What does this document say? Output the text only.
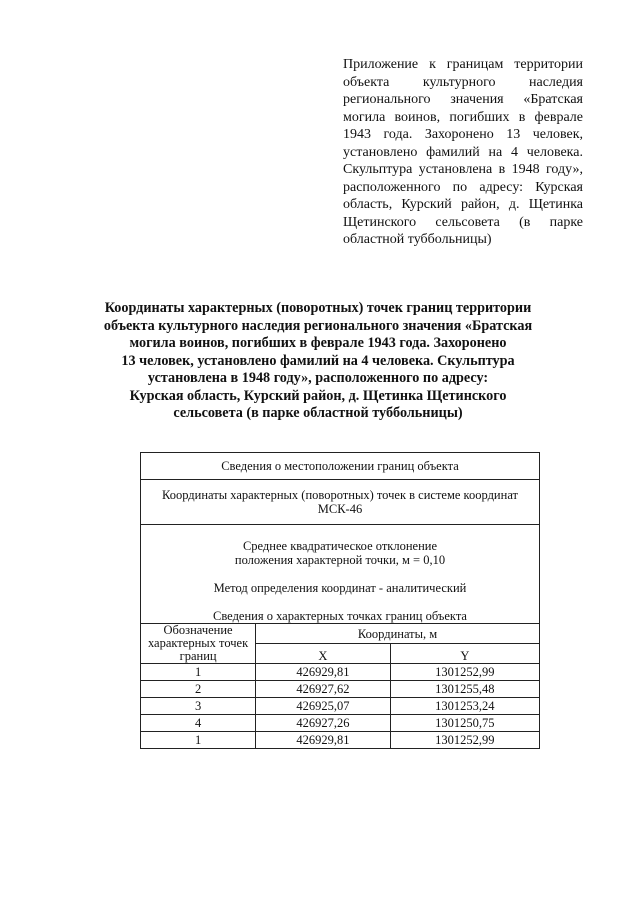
Приложение к границам территории объекта культурного наследия регионального значения «Братская могила воинов, погибших в феврале 1943 года. Захоронено 13 человек, установлено фамилий на 4 человека. Скульптура установлена в 1948 году», расположенного по адресу: Курская область, Курский район, д. Щетинка Щетинского сельсовета (в парке областной туббольницы)
Координаты характерных (поворотных) точек границ территории
объекта культурного наследия регионального значения «Братская
могила воинов, погибших в феврале 1943 года. Захоронено
13 человек, установлено фамилий на 4 человека. Скульптура
установлена в 1948 году», расположенного по адресу:
Курская область, Курский район, д. Щетинка Щетинского
сельсовета (в парке областной туббольницы)
Сведения о местоположении границ объекта		
Координаты характерных (поворотных) точек в системе координат МСК-46		

Среднее квадратическое отклонение
положения характерной точки, м = 0,10
Метод определения координат - аналитический
Сведения о характерных точках границ объекта		

Обозначение характерных точек границ	Координаты, м	
	X	Y
1	426929,81	1301252,99
2	426927,62	1301255,48
3	426925,07	1301253,24
4	426927,26	1301250,75
1	426929,81	1301252,99
